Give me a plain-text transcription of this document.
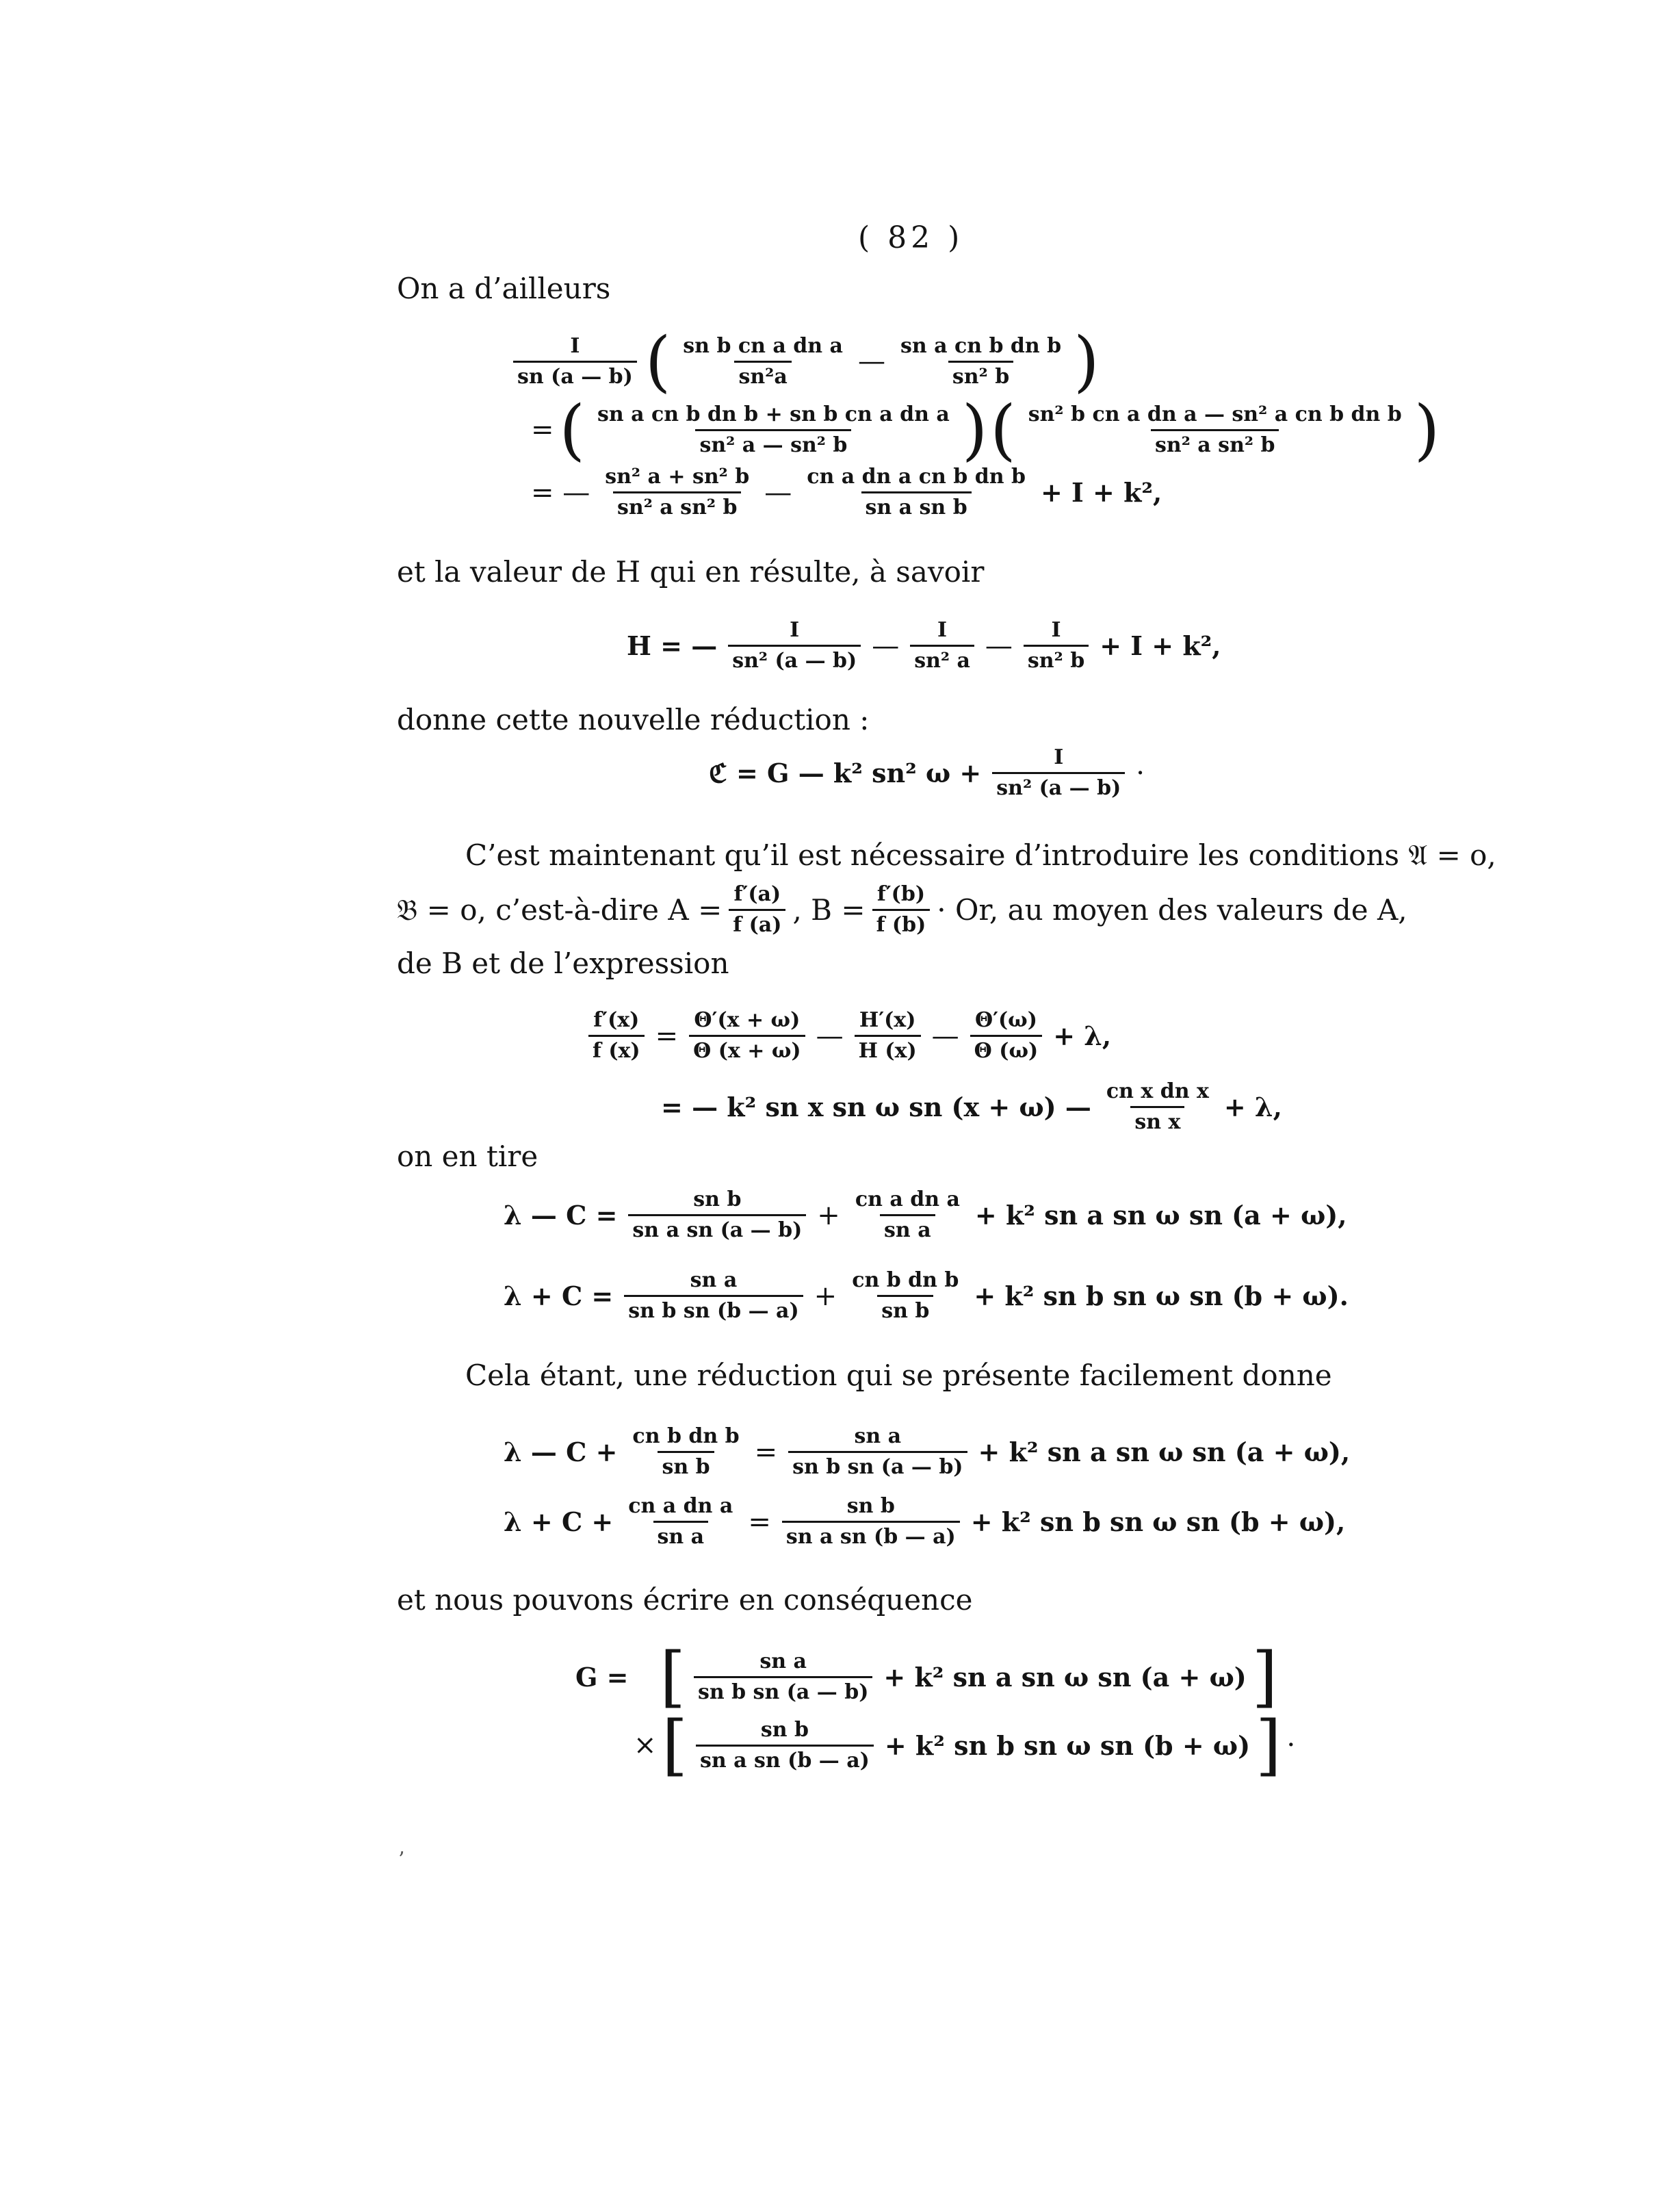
( 82 )
On a d’ailleurs
$\frac{I}{sn (a — b)}$ ( $\frac{\text{sn b cn a dn a}}{\text{sn²a}}$ — $\frac{\text{sn a cn b dn b}}{\text{sn² b}}$ )
= ( $\frac{\text{sn a cn b dn b + sn b cn a dn a}}{\text{sn² a — sn² b}}$ ) ( $\frac{\text{sn² b cn a dn a — sn² a cn b dn b}}{\text{sn² a sn² b}}$ )
= — $\frac{\text{sn² a + sn² b}}{\text{sn² a sn² b}}$ — $\frac{\text{cn a dn a cn b dn b}}{\text{sn a sn b}} + I + k^2$,
et la valeur de H qui en résulte, à savoir
H = — $\frac{I}{\text{sn² (a — b)}}$ — $\frac{I}{\text{sn² a}}$ — $\frac{I}{\text{sn² b}} + I + k^2$,
donne cette nouvelle réduction :
ℭ = G — k² sn² $\omega + \frac{I}{\text{sn² (a — b)}}$ ·
C’est maintenant qu’il est nécessaire d’introduire les conditions 𝔄 = o,
𝔅 = o, c’est-à-dire $A = \frac{f'(a)}{f (a)}$ , $B = \frac{f'(b)}{f (b)} \cdot Or$, au moyen des valeurs de A,
de B et de l’expression
$\frac{f'(x)}{f (x)} = \frac{\Theta'(x + \omega)}{\Theta (x + \omega)}$ — $\frac{H'(x)}{H (x)}$ — $\frac{\Theta'(\omega)}{\Theta (\omega)} + \lambda$,
= — k² sn x sn ω sn (x + ω) — $\frac{\text{cn x dn x}}{\text{sn x}} + \lambda$,
on en tire
λ — $C = \frac{\text{sn b}}{\text{sn a sn (a — b)}} + \frac{\text{cn a dn a}}{\text{sn a}} + k^2$ sn a sn ω sn (a + ω),
$\lambda + C = \frac{\text{sn a}}{\text{sn b sn (b — a)}} + \frac{\text{cn b dn b}}{\text{sn b}} + k^2$ sn b sn ω sn (b + ω).
Cela étant, une réduction qui se présente facilement donne
λ — $C + \frac{\text{cn b dn b}}{\text{sn b}} = \frac{\text{sn a}}{\text{sn b sn (a — b)}} + k^2$ sn a sn ω sn (a + ω),
$\lambda + C + \frac{\text{cn a dn a}}{\text{sn a}} = \frac{\text{sn b}}{\text{sn a sn (b — a)}} + k^2$ sn b sn ω sn (b + ω),
et nous pouvons écrire en conséquence
G = [ $\frac{\text{sn a}}{\text{sn b sn (a — b)}} + k^2$ sn a sn ω sn (a + ω) ]
× [ $\frac{\text{sn b}}{\text{sn a sn (b — a)}} + k^2$ sn b sn ω sn (b + ω) ] ·
’
